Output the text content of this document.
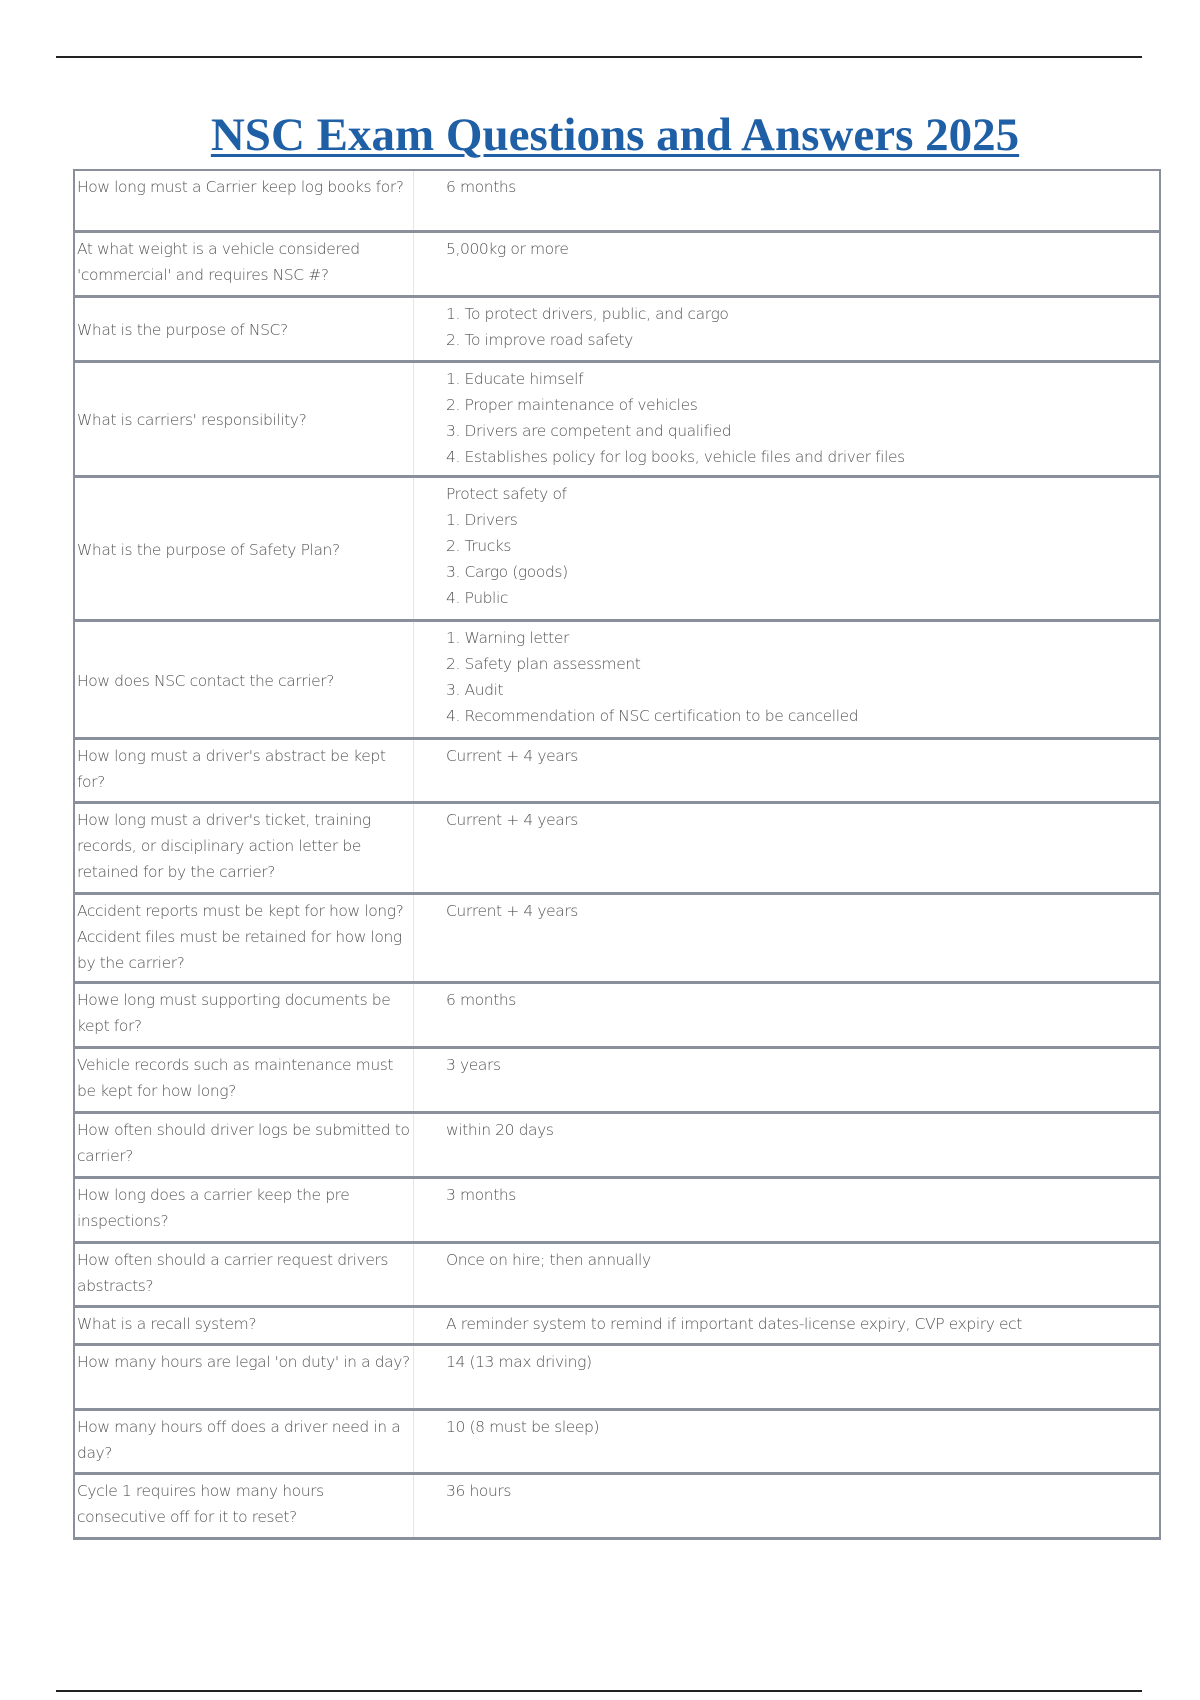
NSC Exam Questions and Answers 2025
How long must a Carrier keep log books for?	6 months

At what weight is a vehicle considered 'commercial' and requires NSC #?	5,000kg or more

What is the purpose of NSC?	1. To protect drivers, public, and cargo
2. To improve road safety

What is carriers' responsibility?	1. Educate himself
2. Proper maintenance of vehicles
3. Drivers are competent and qualified
4. Establishes policy for log books, vehicle files and driver files

What is the purpose of Safety Plan?	Protect safety of
1. Drivers
2. Trucks
3. Cargo (goods)
4. Public

How does NSC contact the carrier?	1. Warning letter
2. Safety plan assessment
3. Audit
4. Recommendation of NSC certification to be cancelled

How long must a driver's abstract be kept for?	Current + 4 years

How long must a driver's ticket, training records, or disciplinary action letter be retained for by the carrier?	Current + 4 years

Accident reports must be kept for how long? Accident files must be retained for how long by the carrier?	Current + 4 years

Howe long must supporting documents be kept for?	6 months

Vehicle records such as maintenance must be kept for how long?	3 years

How often should driver logs be submitted to carrier?	within 20 days

How long does a carrier keep the pre inspections?	3 months

How often should a carrier request drivers abstracts?	Once on hire; then annually

What is a recall system?	A reminder system to remind if important dates-license expiry, CVP expiry ect

How many hours are legal 'on duty' in a day?	14 (13 max driving)

How many hours off does a driver need in a day?	10 (8 must be sleep)

Cycle 1 requires how many hours consecutive off for it to reset?	36 hours
